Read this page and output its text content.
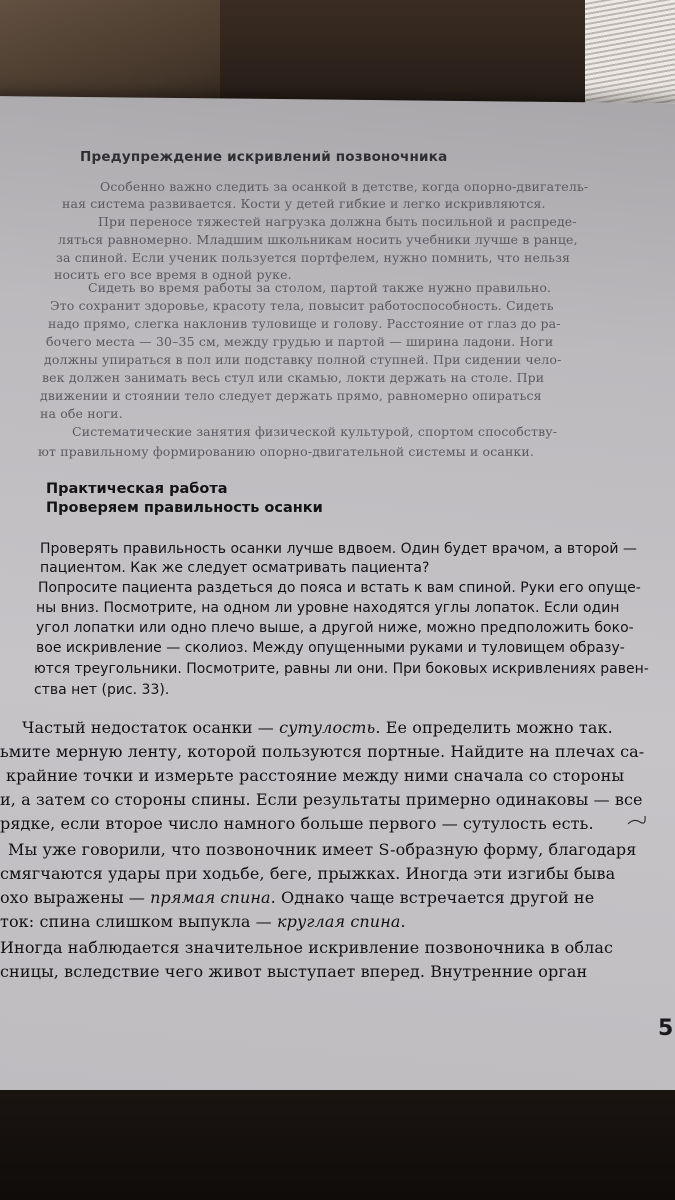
Предупреждение искривлений позвоночника
Особенно важно следить за осанкой в детстве, когда опорно-двигатель-
ная система развивается. Кости у детей гибкие и легко искривляются.
При переносе тяжестей нагрузка должна быть посильной и распреде-
ляться равномерно. Младшим школьникам носить учебники лучше в ранце,
за спиной. Если ученик пользуется портфелем, нужно помнить, что нельзя
носить его все время в одной руке.
Сидеть во время работы за столом, партой также нужно правильно.
Это сохранит здоровье, красоту тела, повысит работоспособность. Сидеть
надо прямо, слегка наклонив туловище и голову. Расстояние от глаз до ра-
бочего места — 30–35 см, между грудью и партой — ширина ладони. Ноги
должны упираться в пол или подставку полной ступней. При сидении чело-
век должен занимать весь стул или скамью, локти держать на столе. При
движении и стоянии тело следует держать прямо, равномерно опираться
на обе ноги.
Систематические занятия физической культурой, спортом способству-
ют правильному формированию опорно-двигательной системы и осанки.
Практическая работа
Проверяем правильность осанки
Проверять правильность осанки лучше вдвоем. Один будет врачом, а второй —
пациентом. Как же следует осматривать пациента?
Попросите пациента раздеться до пояса и встать к вам спиной. Руки его опуще-
ны вниз. Посмотрите, на одном ли уровне находятся углы лопаток. Если один
угол лопатки или одно плечо выше, а другой ниже, можно предположить боко-
вое искривление — сколиоз. Между опущенными руками и туловищем образу-
ются треугольники. Посмотрите, равны ли они. При боковых искривлениях равен-
ства нет (рис. 33).
Частый недостаток осанки — сутулость. Ее определить можно так.
ьмите мерную ленту, которой пользуются портные. Найдите на плечах са-
крайние точки и измерьте расстояние между ними сначала со стороны
и, а затем со стороны спины. Если результаты примерно одинаковы — все
рядке, если второе число намного больше первого — сутулость есть.
Мы уже говорили, что позвоночник имеет S-образную форму, благодаря
смягчаются удары при ходьбе, беге, прыжках. Иногда эти изгибы быва
охо выражены — прямая спина. Однако чаще встречается другой не
ток: спина слишком выпукла — круглая спина.
Иногда наблюдается значительное искривление позвоночника в облас
сницы, вследствие чего живот выступает вперед. Внутренние орган
5
